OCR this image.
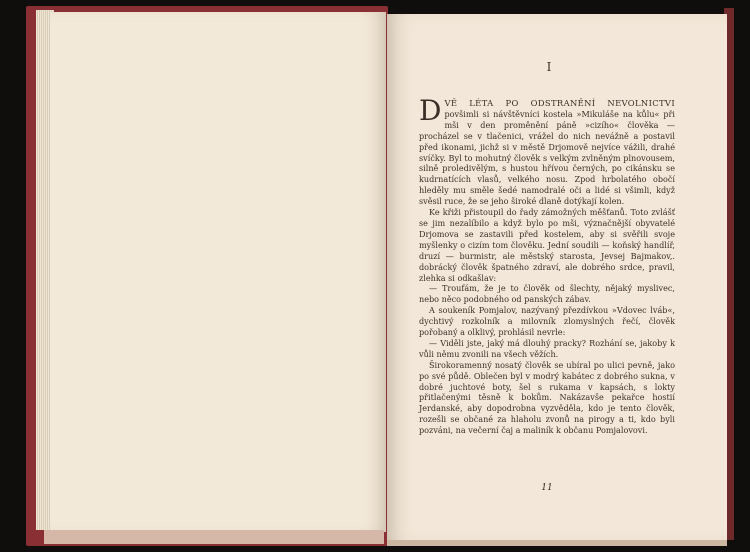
I

DVĚ LÉTA PO ODSTRANĚNÍ NEVOLNICTVI povšimli si návštěvníci kostela »Mikuláše na kůlu« při mši v den proměnění páně »cizího« člověka — procházel se v tlačenici, vrážel do nich nevážně a postavil před ikonami, jichž si v městě Drjomově nejvíce vážili, drahé svíčky. Byl to mohutný člověk s velkým zvlněným plnovousem, silně proledivělým, s hustou hřívou černých, po cikánsku se kudrnatících vlasů, velkého nosu. Zpod hrbolatého obočí hleděly mu směle šedé namodralé oči a lidé si všimli, když svěsil ruce, že se jeho široké dlaně dotýkají kolen.

Ke křiži přistoupil do řady zámožných měšťanů. Toto zvlášť se jim nezalíbilo a když bylo po mši, význačnější obyvatelé Drjomova se zastavili před kostelem, aby si svěřili svoje myšlenky o cizím tom člověku. Jední soudili — koňský handlíř, druzí — burmistr, ale městský starosta, Jevsej Bajmakov,. dobrácký člověk špatného zdraví, ale dobrého srdce, pravil, zlehka si odkašlav:

— Troufám, že je to člověk od šlechty, nějaký myslivec, nebo něco podobného od panských zábav.

A soukeník Pomjalov, nazývaný přezdívkou »Vdovec lváb«, dychtivý rozkolník a milovník zlomyslných řečí, člověk pořobaný a olklivý, prohlásil nevrle:

— Viděli jste, jaký má dlouhý pracky? Rozhání se, jakoby k vůli němu zvonili na všech věžích.

Širokoramenný nosatý člověk se ubíral po ulici pevně, jako po své půdě. Oblečen byl v modrý kabátec z dobrého sukna, v dobré juchtové boty, šel s rukama v kapsách, s lokty přitlačenými těsně k bokům. Nakázavše pekařce hostií Jerdanské, aby dopodrobna vyzvěděla, kdo je tento člověk, rozešli se občané za hlaholu zvonů na pirogy a ti, kdo byli pozváni, na večerní čaj a maliník k občanu Pomjalovovi.

11
